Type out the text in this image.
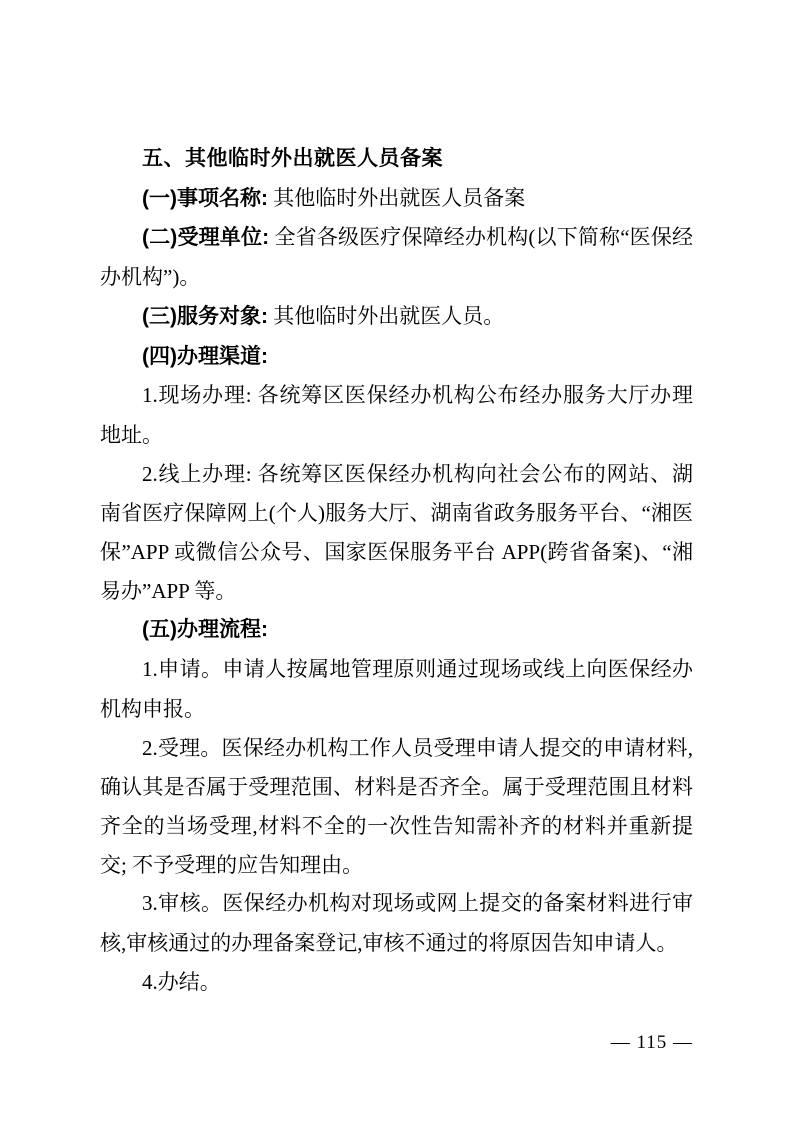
五、其他临时外出就医人员备案

(一)事项名称: 其他临时外出就医人员备案

(二)受理单位: 全省各级医疗保障经办机构(以下简称“医保经办机构”)。

(三)服务对象: 其他临时外出就医人员。

(四)办理渠道:

1.现场办理: 各统筹区医保经办机构公布经办服务大厅办理地址。

2.线上办理: 各统筹区医保经办机构向社会公布的网站、湖南省医疗保障网上(个人)服务大厅、湖南省政务服务平台、“湘医保”APP 或微信公众号、国家医保服务平台 APP(跨省备案)、“湘易办”APP 等。

(五)办理流程:

1.申请。申请人按属地管理原则通过现场或线上向医保经办机构申报。

2.受理。医保经办机构工作人员受理申请人提交的申请材料,确认其是否属于受理范围、材料是否齐全。属于受理范围且材料齐全的当场受理,材料不全的一次性告知需补齐的材料并重新提交; 不予受理的应告知理由。

3.审核。医保经办机构对现场或网上提交的备案材料进行审核,审核通过的办理备案登记,审核不通过的将原因告知申请人。

4.办结。

— 115 —
